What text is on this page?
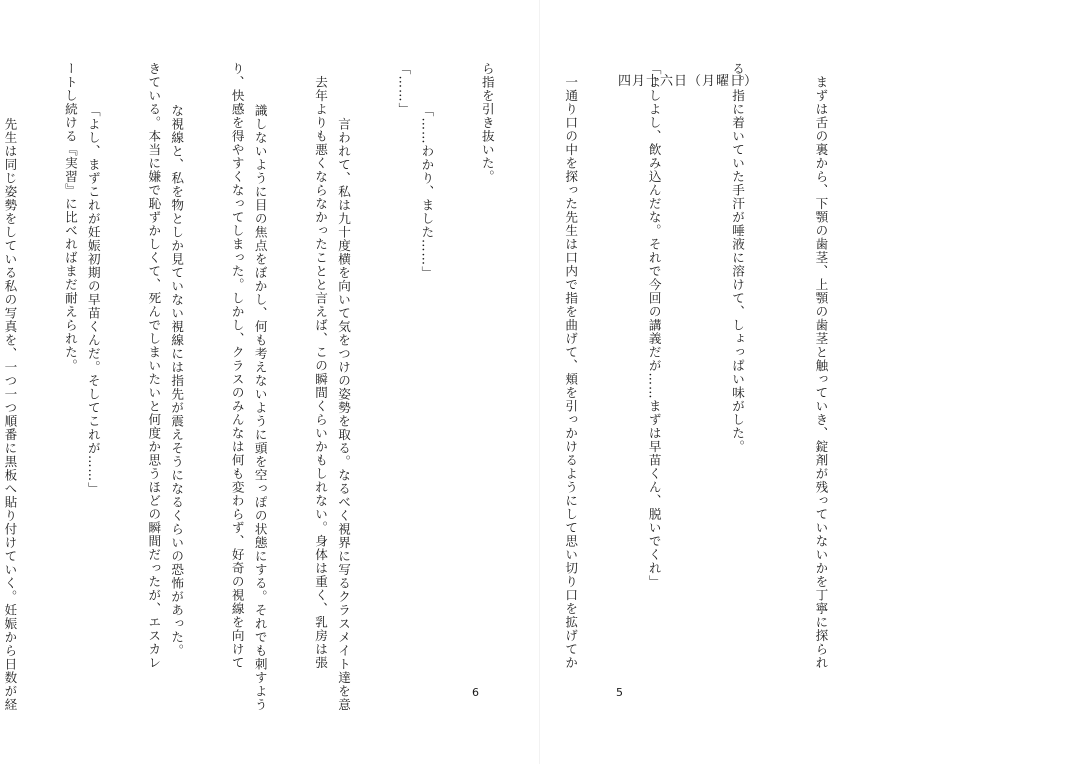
「……わかり、ました……」

　言われて、私は九十度横を向いて気をつけの姿勢を取る。なるべく視界に写るクラスメイト達を意

識しないように目の焦点をぼかし、何も考えないように頭を空っぽの状態にする。それでも刺すよう

な視線と、私を物としか見ていない視線には指先が震えそうになるくらいの恐怖があった。

「よし、まずこれが妊娠初期の早苗くんだ。そしてこれが……」

　先生は同じ姿勢をしている私の写真を、一つ一つ順番に黒板へ貼り付けていく。妊娠から日数が経

	6
四月十六日（月曜日）

	　まずは舌の裏から、下顎の歯茎、上顎の歯茎と触っていき、錠剤が残っていないかを丁寧に探られ

る。指に着いていた手汗が唾液に溶けて、しょっぱい味がした。

「よしよし、飲み込んだな。それで今回の講義だが……まずは早苗くん、脱いでくれ」

　一通り口の中を探った先生は口内で指を曲げて、頬を引っかけるようにして思い切り口を拡げてか

ら指を引き抜いた。

「……」

　去年よりも悪くならなかったことと言えば、この瞬間くらいかもしれない。身体は重く、乳房は張

り、快感を得やすくなってしまった。しかし、クラスのみんなは何も変わらず、好奇の視線を向けて

きている。本当に嫌で恥ずかしくて、死んでしまいたいと何度か思うほどの瞬間だったが、エスカレ

ートし続ける『実習』に比べればまだ耐えられた。

5
